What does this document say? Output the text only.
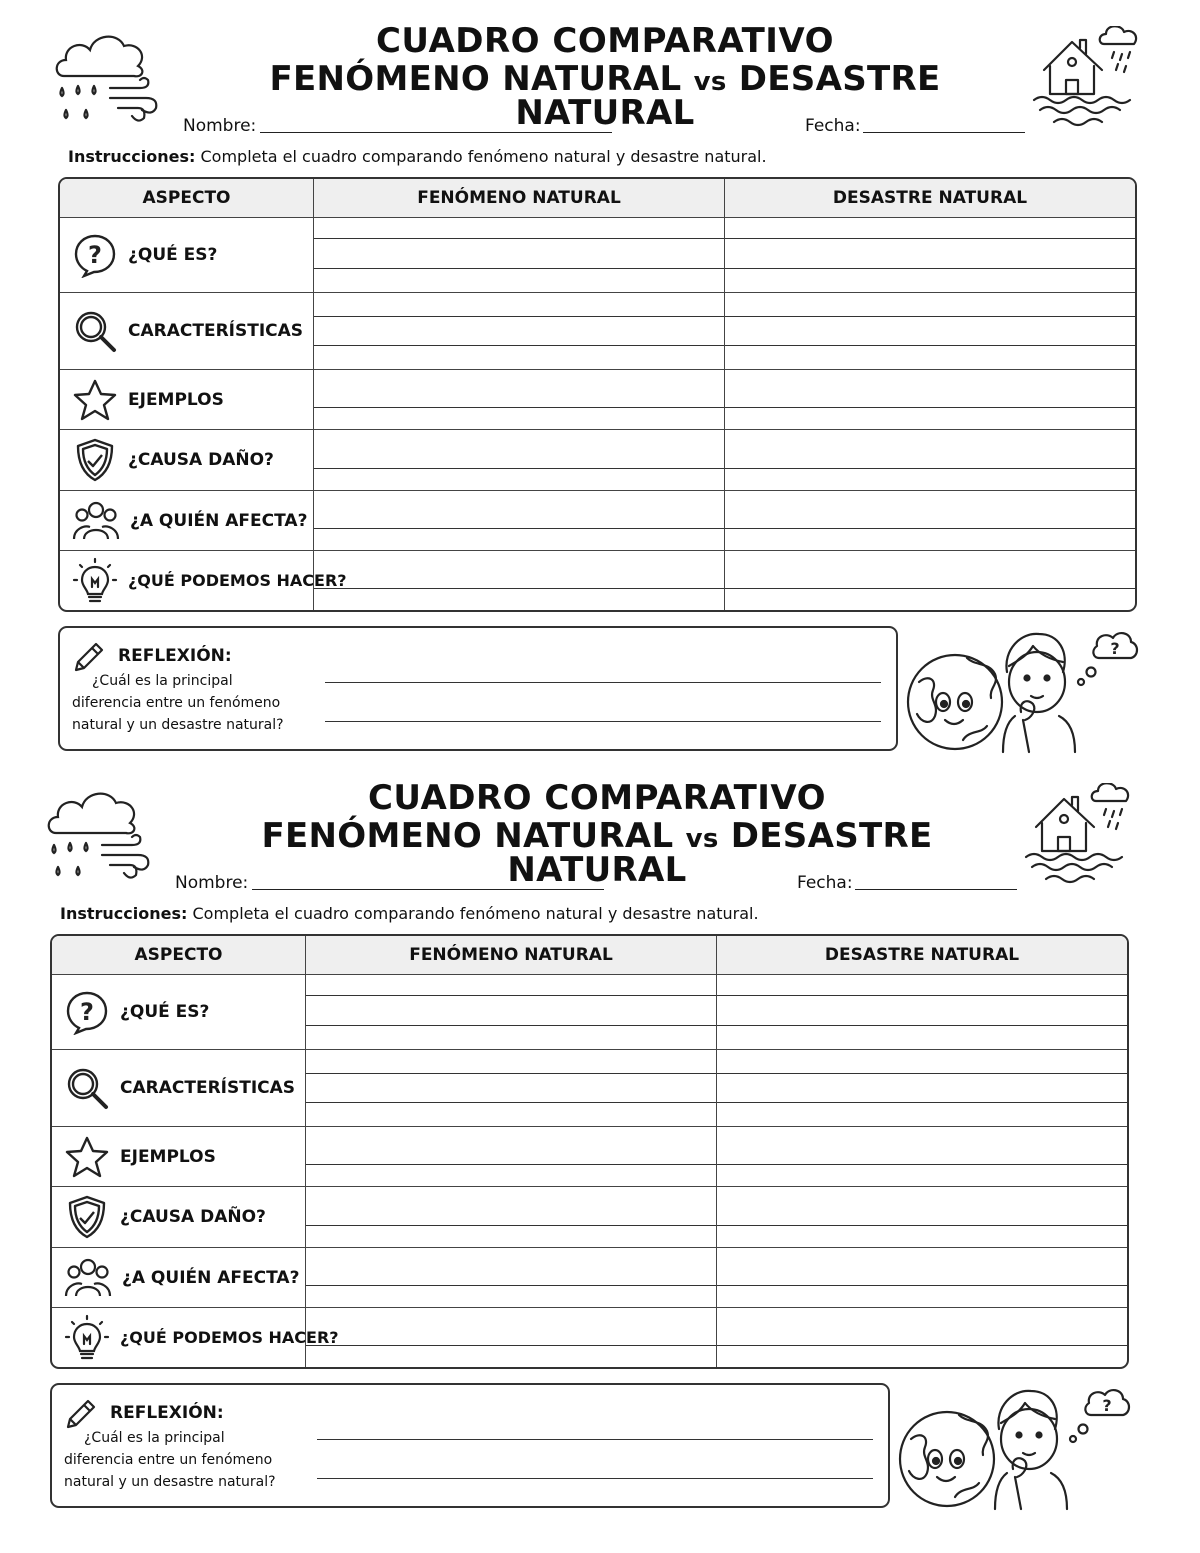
CUADRO COMPARATIVO
FENÓMENO NATURAL vs DESASTRE NATURAL
Nombre:	Fecha:
Instrucciones: Completa el cuadro comparando fenómeno natural y desastre natural.
ASPECTO	FENÓMENO NATURAL	DESASTRE NATURAL

? ¿QUÉ ES?		

CARACTERÍSTICAS		

EJEMPLOS		

¿CAUSA DAÑO?		

¿A QUIÉN AFECTA?		

¿QUÉ PODEMOS HACER?		

REFLEXIÓN:
¿Cuál es la principal
diferencia entre un fenómeno
natural y un desastre natural?
?
CUADRO COMPARATIVO
FENÓMENO NATURAL vs DESASTRE NATURAL
Nombre:	Fecha:
Instrucciones: Completa el cuadro comparando fenómeno natural y desastre natural.
ASPECTO	FENÓMENO NATURAL	DESASTRE NATURAL

? ¿QUÉ ES?		

CARACTERÍSTICAS		

EJEMPLOS		

¿CAUSA DAÑO?		

¿A QUIÉN AFECTA?		

¿QUÉ PODEMOS HACER?		

REFLEXIÓN:
¿Cuál es la principal
diferencia entre un fenómeno
natural y un desastre natural?
?
